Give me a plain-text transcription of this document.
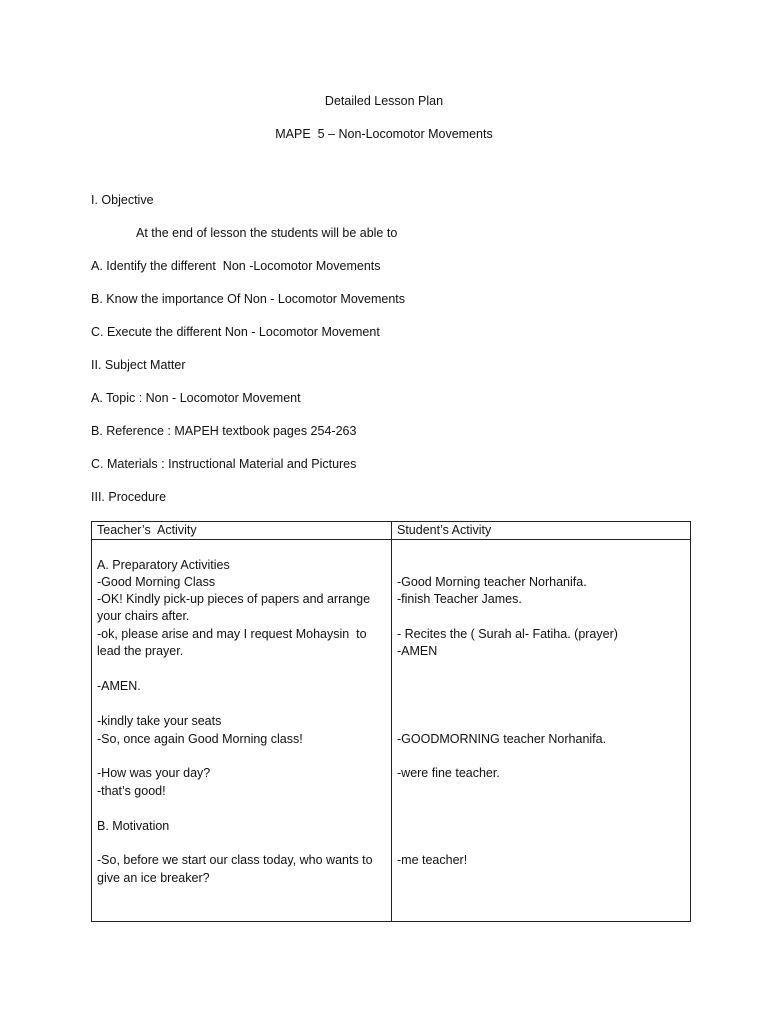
Detailed Lesson Plan
MAPE  5 – Non-Locomotor Movements
I. Objective
At the end of lesson the students will be able to
A. Identify the different  Non -Locomotor Movements
B. Know the importance Of Non - Locomotor Movements
C. Execute the different Non - Locomotor Movement
II. Subject Matter
A. Topic : Non - Locomotor Movement
B. Reference : MAPEH textbook pages 254-263
C. Materials : Instructional Material and Pictures
III. Procedure
Teacher’s  Activity	Student’s Activity
A. Preparatory Activities
-Good Morning Class
-OK! Kindly pick-up pieces of papers and arrange
your chairs after.
-ok, please arise and may I request Mohaysin  to
lead the prayer.
-AMEN.
-kindly take your seats
-So, once again Good Morning class!
-How was your day?
-that’s good!
B. Motivation
-So, before we start our class today, who wants to
give an ice breaker?
-Good Morning teacher Norhanifa.
-finish Teacher James.
- Recites the ( Surah al- Fatiha. (prayer)
-AMEN
-GOODMORNING teacher Norhanifa.
-were fine teacher.
-me teacher!
